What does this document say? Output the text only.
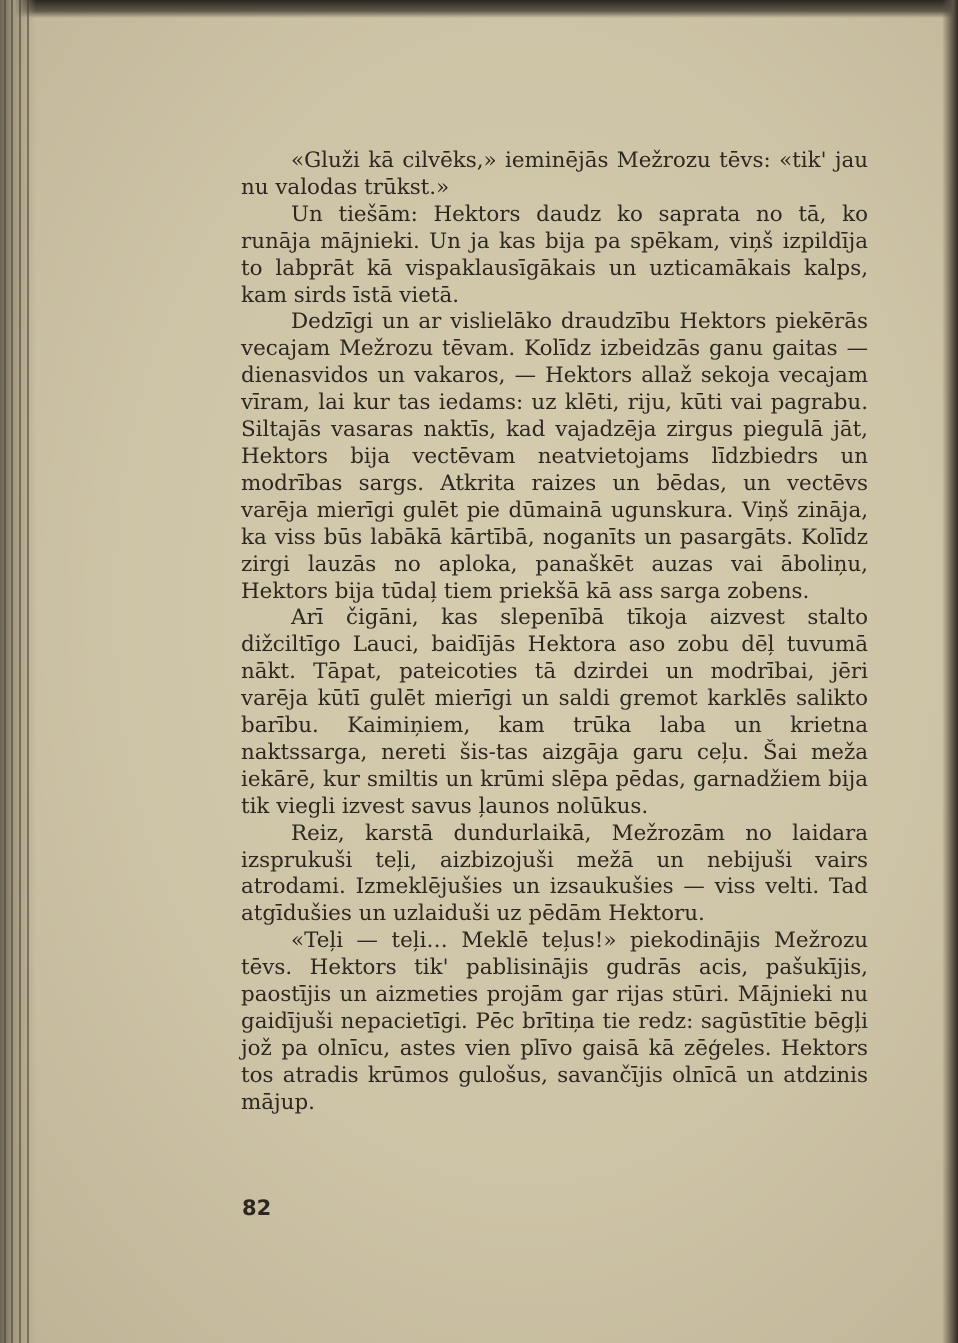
«Gluži kā cilvēks,» ieminējās Mežrozu tēvs: «tik' jau nu valodas trūkst.»

Un tiešām: Hektors daudz ko saprata no tā, ko runāja mājnieki. Un ja kas bija pa spēkam, viņš izpildīja to labprāt kā vispaklausīgākais un uzticamākais kalps, kam sirds īstā vietā.

Dedzīgi un ar vislielāko draudzību Hektors piekērās vecajam Mežrozu tēvam. Kolīdz izbeidzās ganu gaitas — dienasvidos un vakaros, — Hektors allaž sekoja vecajam vīram, lai kur tas iedams: uz klēti, riju, kūti vai pagrabu. Siltajās vasaras naktīs, kad vajadzēja zirgus piegulā jāt, Hektors bija vectēvam neatvietojams līdzbiedrs un modrības sargs. Atkrita raizes un bēdas, un vectēvs varēja mierīgi gulēt pie dūmainā ugunskura. Viņš zināja, ka viss būs labākā kārtībā, noganīts un pasargāts. Kolīdz zirgi lauzās no aploka, panaškēt auzas vai āboliņu, Hektors bija tūdaļ tiem priekšā kā ass sarga zobens.

Arī čigāni, kas slepenībā tīkoja aizvest stalto dižciltīgo Lauci, baidījās Hektora aso zobu dēļ tuvumā nākt. Tāpat, pateicoties tā dzirdei un modrībai, jēri varēja kūtī gulēt mierīgi un saldi gremot karklēs salikto barību. Kaimiņiem, kam trūka laba un krietna naktssarga, nereti šis-tas aizgāja garu ceļu. Šai meža iekārē, kur smiltis un krūmi slēpa pēdas, garnadžiem bija tik viegli izvest savus ļaunos nolūkus.

Reiz, karstā dundurlaikā, Mežrozām no laidara izsprukuši teļi, aizbizojuši mežā un nebijuši vairs atrodami. Izmeklējušies un izsaukušies — viss velti. Tad atgīdušies un uzlaiduši uz pēdām Hektoru.

«Teļi — teļi… Meklē teļus!» piekodinājis Mežrozu tēvs. Hektors tik' pablisinājis gudrās acis, pašukījis, paostījis un aizmeties projām gar rijas stūri. Mājnieki nu gaidījuši nepacietīgi. Pēc brītiņa tie redz: sagūstītie bēgļi jož pa olnīcu, astes vien plīvo gaisā kā zēģeles. Hektors tos atradis krūmos gulošus, savančījis olnīcā un atdzinis mājup.

82
